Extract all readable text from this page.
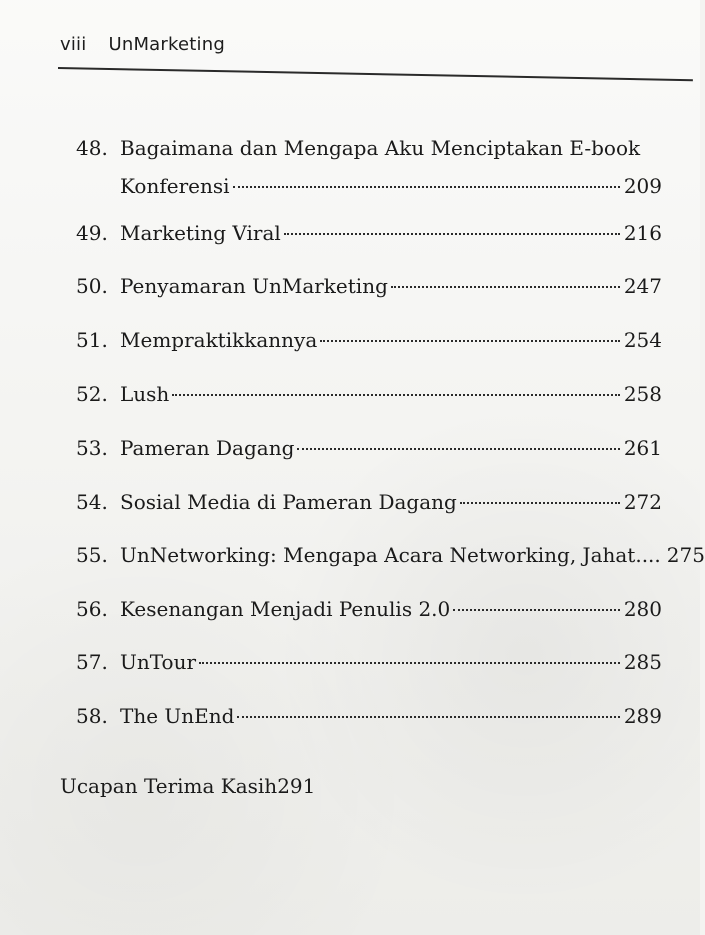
viii UnMarketing
48. Bagaimana dan Mengapa Aku Menciptakan E-book
Konferensi	209
49. Marketing Viral	216
50. Penyamaran UnMarketing	247
51. Mempraktikkannya	254
52. Lush	258
53. Pameran Dagang	261
54. Sosial Media di Pameran Dagang	272
55. UnNetworking: Mengapa Acara Networking, Jahat.... 275
56. Kesenangan Menjadi Penulis 2.0	280
57. UnTour	285
58. The UnEnd	289
Ucapan Terima Kasih 291
